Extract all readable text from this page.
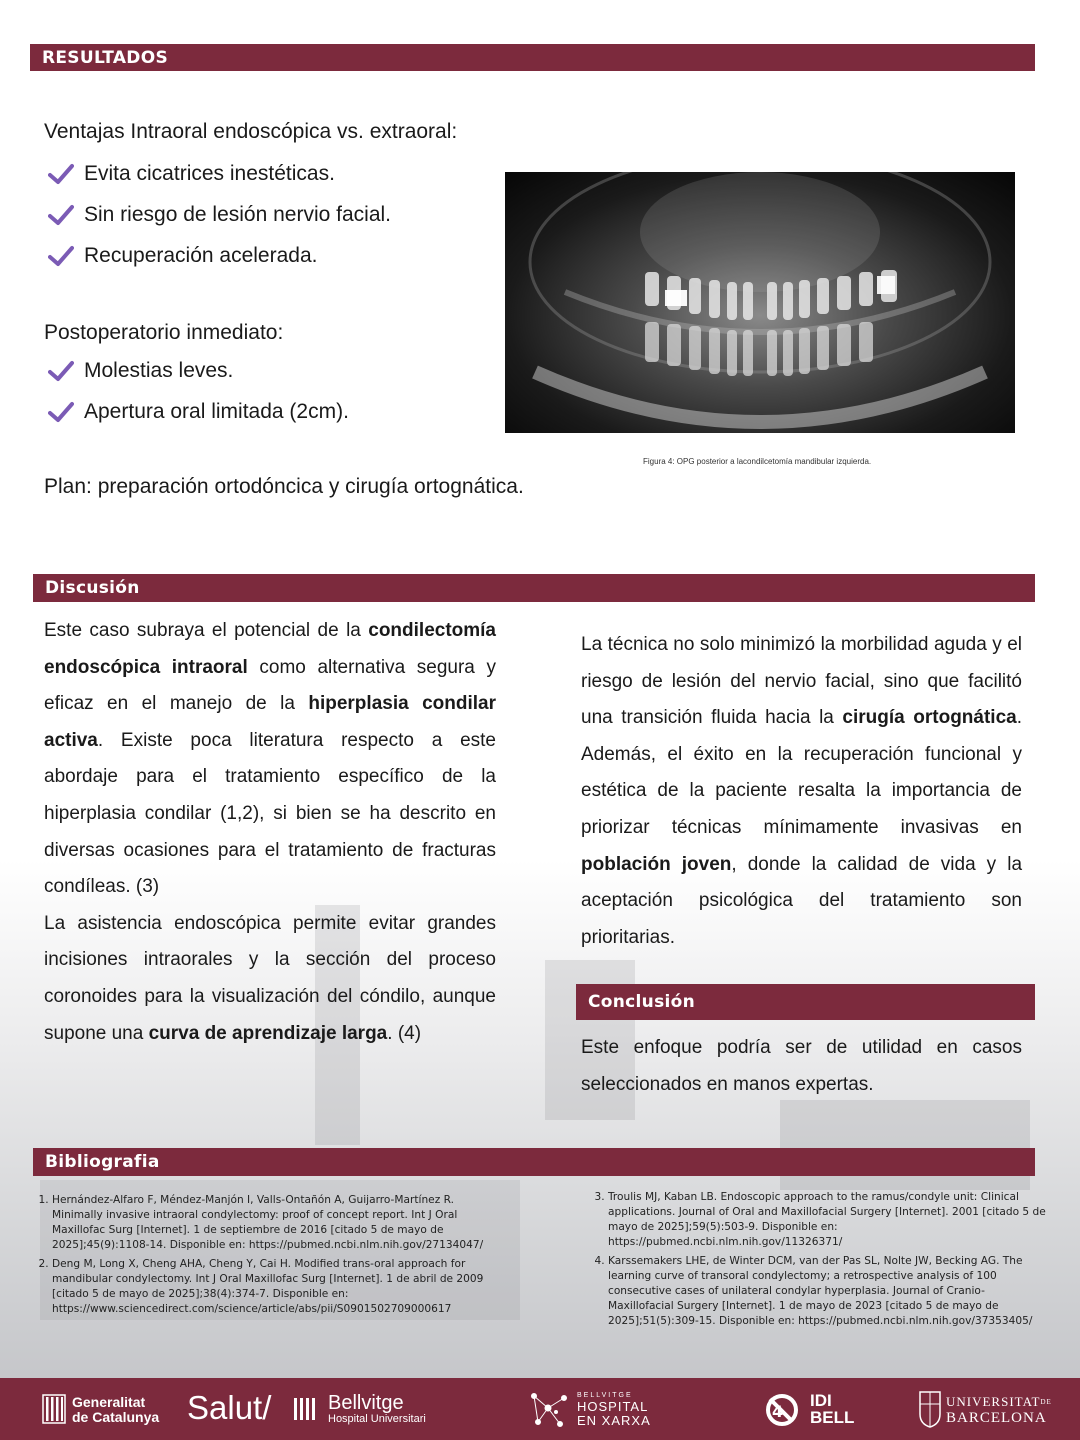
RESULTADOS
Ventajas Intraoral endoscópica vs. extraoral:
Evita cicatrices inestéticas.
Sin riesgo de lesión nervio facial.
Recuperación acelerada.
Postoperatorio inmediato:
Molestias leves.
Apertura oral limitada (2cm).
Plan: preparación ortodóncica y cirugía ortognática.
Figura 4: OPG posterior a lacondilcetomía mandibular izquierda.
Discusión

Este caso subraya el potencial de la condilectomía endoscópica intraoral como alternativa segura y eficaz en el manejo de la hiperplasia condilar activa. Existe poca literatura respecto a este abordaje para el tratamiento específico de la hiperplasia condilar (1,2), si bien se ha descrito en diversas ocasiones para el tratamiento de fracturas condíleas. (3)

La asistencia endoscópica permite evitar grandes incisiones intraorales y la sección del proceso coronoides para la visualización del cóndilo, aunque supone una curva de aprendizaje larga. (4)

La técnica no solo minimizó la morbilidad aguda y el riesgo de lesión del nervio facial, sino que facilitó una transición fluida hacia la cirugía ortognática. Además, el éxito en la recuperación funcional y estética de la paciente resalta la importancia de priorizar técnicas mínimamente invasivas en población joven, donde la calidad de vida y la aceptación psicológica del tratamiento son prioritarias.

Conclusión
Este enfoque podría ser de utilidad en casos seleccionados en manos expertas.
Bibliografia
1. Hernández-Alfaro F, Méndez-Manjón I, Valls-Ontañón A, Guijarro-Martínez R. Minimally invasive intraoral condylectomy: proof of concept report. Int J Oral Maxillofac Surg [Internet]. 1 de septiembre de 2016 [citado 5 de mayo de 2025];45(9):1108-14. Disponible en: https://pubmed.ncbi.nlm.nih.gov/27134047/
2. Deng M, Long X, Cheng AHA, Cheng Y, Cai H. Modified trans-oral approach for mandibular condylectomy. Int J Oral Maxillofac Surg [Internet]. 1 de abril de 2009 [citado 5 de mayo de 2025];38(4):374-7. Disponible en: https://www.sciencedirect.com/science/article/abs/pii/S0901502709000617
3. Troulis MJ, Kaban LB. Endoscopic approach to the ramus/condyle unit: Clinical applications. Journal of Oral and Maxillofacial Surgery [Internet]. 2001 [citado 5 de mayo de 2025];59(5):503-9. Disponible en: https://pubmed.ncbi.nlm.nih.gov/11326371/
4. Karssemakers LHE, de Winter DCM, van der Pas SL, Nolte JW, Becking AG. The learning curve of transoral condylectomy; a retrospective analysis of 100 consecutive cases of unilateral condylar hyperplasia. Journal of Cranio-Maxillofacial Surgery [Internet]. 1 de mayo de 2023 [citado 5 de mayo de 2025];51(5):309-15. Disponible en: https://pubmed.ncbi.nlm.nih.gov/37353405/
Generalitat
de Catalunya Salut/	Bellvitge
Hospital Universitari
BELLVITGE
HOSPITAL
EN XARXA	4
IDI
BELL
$UNIVERSITAT^{DE}$
BARCELONA
